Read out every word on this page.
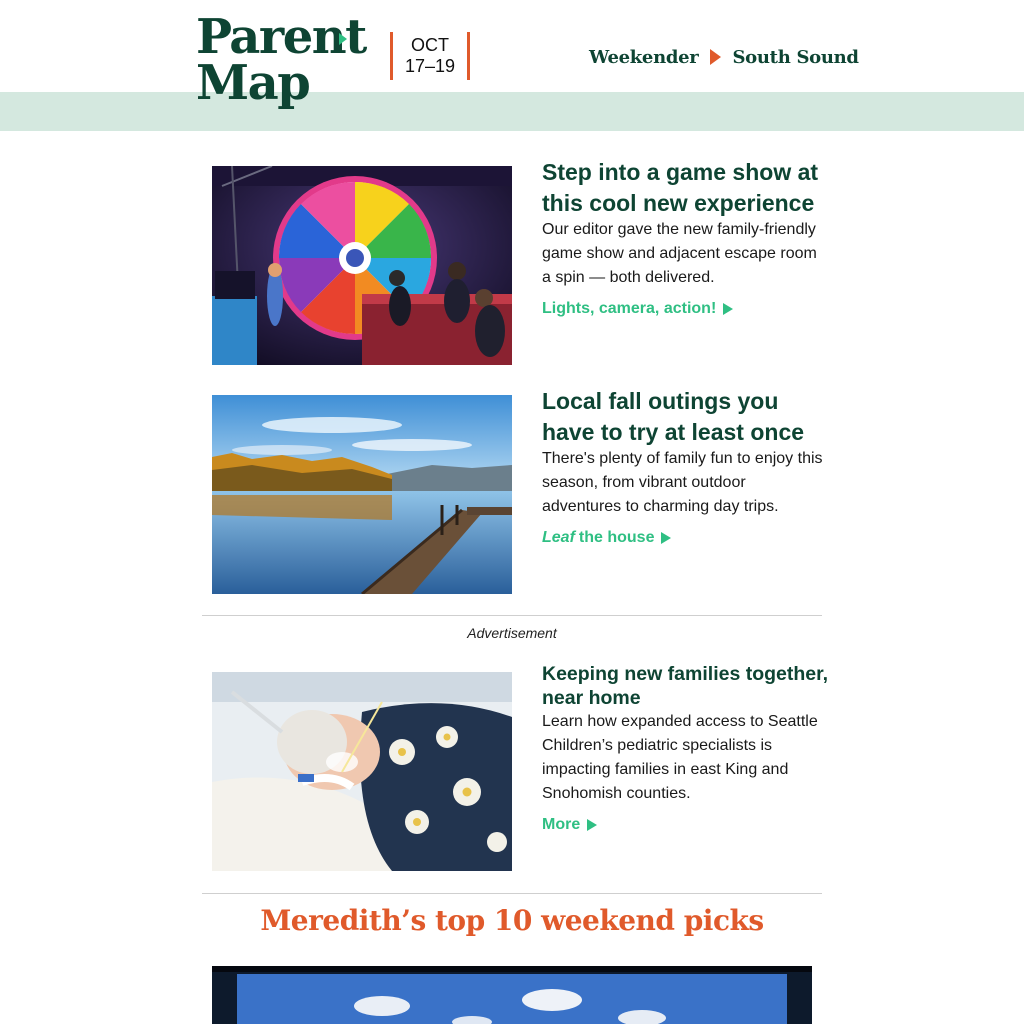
Parent
Map
OCT
17–19	Weekender South Sound
Step into a game show at this cool new experience

Our editor gave the new family-friendly game show and adjacent escape room a spin — both delivered.

Lights, camera, action!
Local fall outings you have to try at least once

There's plenty of family fun to enjoy this season, from vibrant outdoor adventures to charming day trips.

Leaf the house
Advertisement
Keeping new families together, near home

Learn how expanded access to Seattle Children’s pediatric specialists is impacting families in east King and Snohomish counties.

More
Meredith’s top 10 weekend picks
